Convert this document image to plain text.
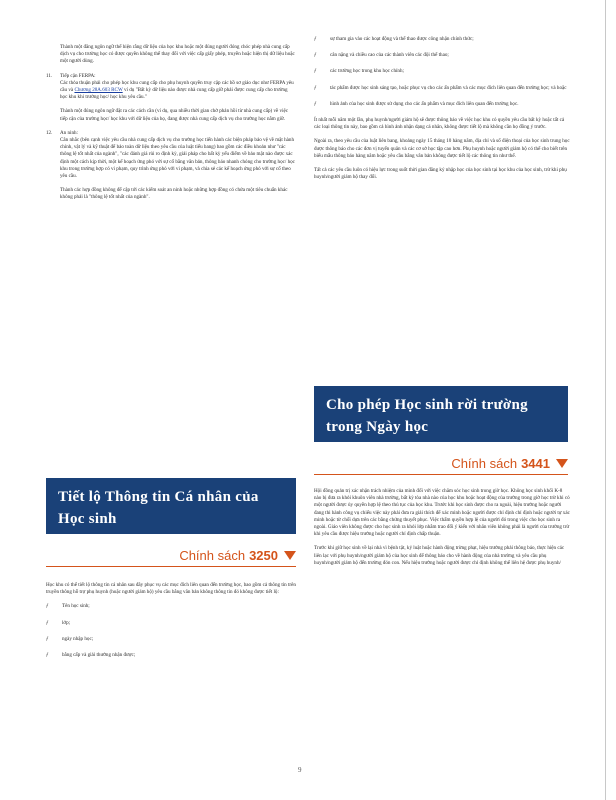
Thành một đăng ngôn ngữ thể hiện rằng dữ liệu của học khu hoặc một đúng người đóng chóc phép nhà cung cấp dịch vụ cho trường học có được quyền không thể thay đổi với việc cấp giấy phép, truyền hoặc hiện thị dữ liệu hoặc một người dùng.

11. Tiếp cận FERPA:
Các thỏa thuận phải cho phép học khu cung cấp cho phụ huynh quyền truy cập các hồ sơ giáo dục như FERPA yêu cầu và Chương 28A.603 RCW ví dụ "Bất kỳ dữ liệu nào được nhà cung cấp giữ phải được cung cấp cho trường học khu khi trường học/ học khu yêu cầu."

Thành một đúng ngôn ngữ đặt ra các cách cần (ví dụ, qua nhiều thời gian chờ phản hồi từ nhà cung cấp) về việc tiếp cận của trường học/ học khu với dữ liệu của họ, đang được nhà cung cấp dịch vụ cho trường học nắm giữ.

12. An ninh:
Cân nhắc (bên cạnh việc yêu cầu nhà cung cấp dịch vụ cho trường học tiến hành các biện pháp bảo vệ về mặt hành chính, vật lý và kỹ thuật để bảo toàn dữ liệu theo yêu cầu của luật tiểu bang) bao gồm các điều khoản như "các thông lệ tốt nhất của ngành", "các đánh giá rủi ro định kỳ, giải pháp cho bất kỳ yếu điểm về bảo mật nào được xác định một cách kịp thời, một kế hoạch ứng phó với sự cố bằng văn bản, thông báo nhanh chóng cho trường học/ học khu trong trường hợp có vi phạm, quy trình ứng phó với vi phạm, và chia sẻ các kế hoạch ứng phó với sự cố theo yêu cầu.

Thành các hợp đồng không để cập tới các kiểm soát an ninh hoặc những hợp đồng có chứa một tiêu chuẩn khác không phải là "thông lệ tốt nhất của ngành".

ƒ	sự tham gia vào các hoạt động và thể thao được công nhận chính thức;
ƒ	cân nặng và chiều cao của các thành viên các đội thể thao;
ƒ	các trường học trong khu học chính;
ƒ	tác phẩm được học sinh sáng tạo, hoặc phục vụ cho các ấn phẩm và các mục đích liên quan đến trường học; và hoặc
ƒ	hình ảnh của học sinh được sử dụng cho các ấn phẩm và mục đích liên quan đến trường học.

Ít nhất mỗi năm một lần, phụ huynh/người giám hộ sẽ được thông báo về việc học khu có quyền yêu cầu bất kỳ hoặc tất cả các loại thông tin này, bao gồm cả hình ảnh nhận dạng cá nhân, không được tiết lộ mà không cần họ đồng ý trước.

Ngoài ra, theo yêu cầu của luật liên bang, khoảng ngày 15 tháng 10 hàng năm, địa chỉ và số điện thoại của học sinh trung học được thông báo cho các đơn vị tuyển quân và các cơ sở học tập cao hơn. Phụ huynh hoặc người giám hộ có thể cho biết trên biểu mẫu thông báo hàng năm hoặc yêu cầu bằng văn bản không được tiết lộ các thông tin như thế.

Tất cả các yêu cầu luôn có hiệu lực trong suốt thời gian đăng ký nhập học của học sinh tại học khu của học sinh, trừ khi phụ huynh/người giám hộ thay đổi.

Cho phép Học sinh rời trường trong Ngày học
Chính sách 3441

Hội đồng quản trị xác nhận trách nhiệm của mình đối với việc chăm sóc học sinh trong giờ học. Không học sinh khối K-8 nào bị đưa ra khỏi khuôn viên nhà trường, bất kỳ tòa nhà nào của học khu hoặc hoạt động của trường trong giờ học trừ khi có một người được ủy quyền hợp lệ theo thủ tục của học khu. Trước khi học sinh được cho ra ngoài, hiệu trưởng hoặc người đang thi hành công vụ chiếu việc này phải đưa ra giải thích để xác minh hoặc người được chỉ định chỉ định hoặc người tự xác minh hoặc từ chối dựa trên các bằng chứng thuyết phục. Việc thẩm quyền hợp lệ của người đó trong việc cho học sinh ra ngoài. Giáo viên không được cho học sinh ra khỏi lớp nhằm trao đổi ý kiến với nhân viên không phải là người của trường trừ khi yêu cầu được hiệu trưởng hoặc người chỉ định chấp thuận.

Trước khi giữ học sinh về lại nhà vì bệnh tật, kỷ luật hoặc hành động trừng phạt, hiệu trưởng phải thông báo, thực hiện các liên lạc với phụ huynh/người giám hộ của học sinh để thông báo cho về hành động của nhà trường và yêu cầu phụ huynh/người giám hộ đến trường đón con. Nếu hiệu trưởng hoặc người được chỉ định không thể liên hệ được phụ huynh/

Tiết lộ Thông tin Cá nhân của Học sinh
Chính sách 3250

Học khu có thể tiết lộ thông tin cá nhân sau đây phục vụ các mục đích liên quan đến trường học, bao gồm cả thông tin trên truyền thông hỗ trợ phụ huynh (hoặc người giám hộ) yêu cầu bằng văn bản không thông tin đó không được tiết lộ:

ƒ	Tên học sinh;
ƒ	lớp;
ƒ	ngày nhập học;
ƒ	bằng cấp và giải thưởng nhận được;
9
